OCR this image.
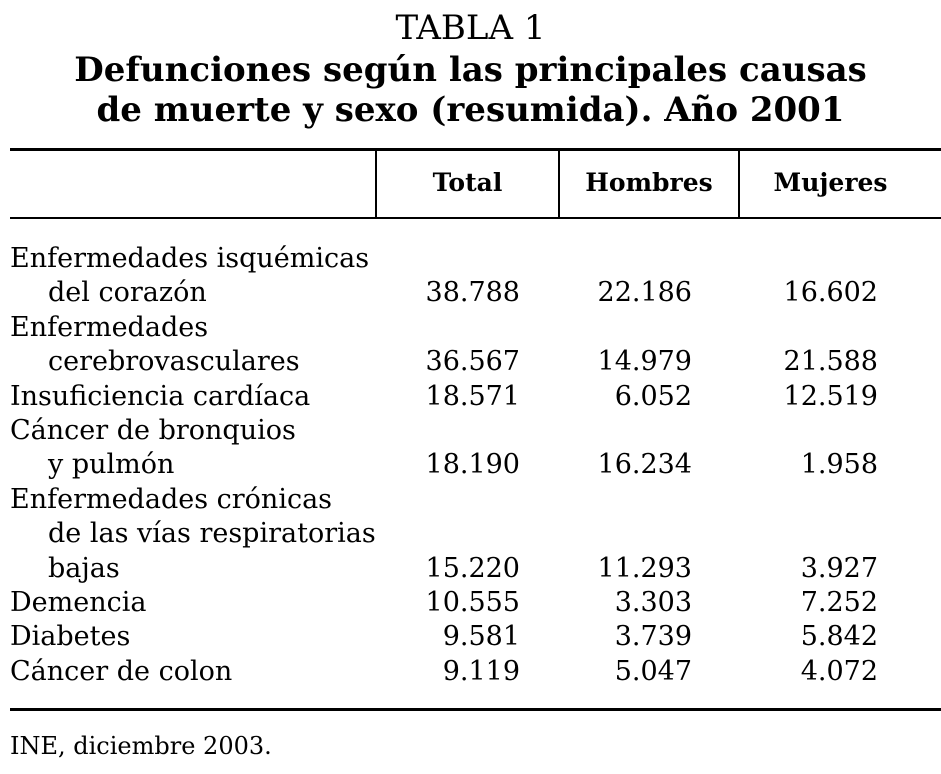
TABLA 1
Defunciones según las principales causas
de muerte y sexo (resumida). Año 2001
Total	Hombres	Mujeres
Enfermedades isquémicas
del corazón	38.788	22.186	16.602
Enfermedades
cerebrovasculares	36.567	14.979	21.588
Insuficiencia cardíaca	18.571	6.052	12.519
Cáncer de bronquios
y pulmón	18.190	16.234	1.958
Enfermedades crónicas
de las vías respiratorias
bajas	15.220	11.293	3.927
Demencia	10.555	3.303	7.252
Diabetes	9.581	3.739	5.842
Cáncer de colon	9.119	5.047	4.072
INE, diciembre 2003.
